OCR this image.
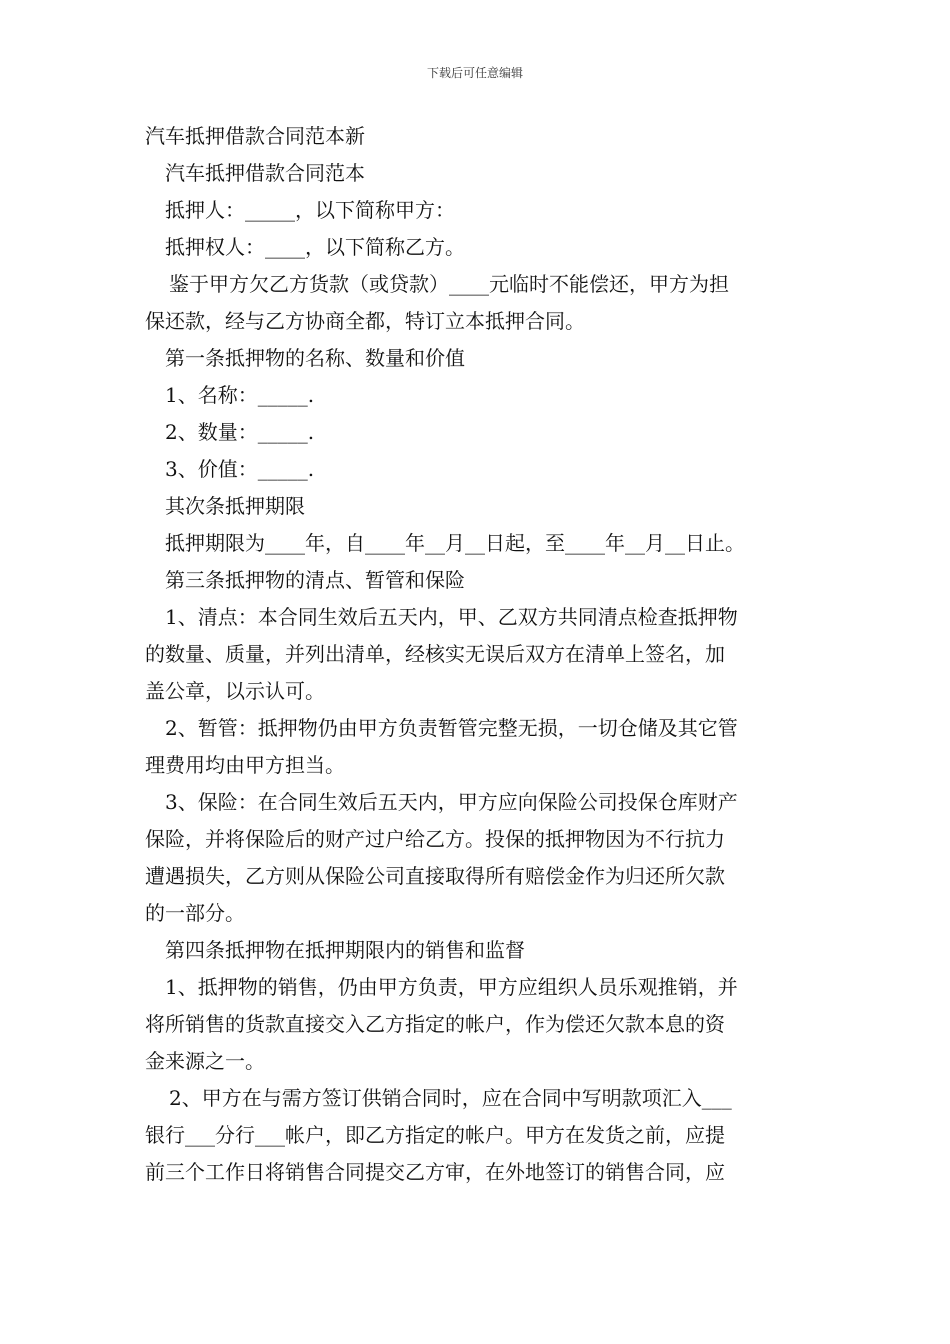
下载后可任意编辑
汽车抵押借款合同范本新
汽车抵押借款合同范本
抵押人：_____，以下简称甲方：
抵押权人：____，以下简称乙方。
鉴于甲方欠乙方货款（或贷款）____元临时不能偿还，甲方为担
保还款，经与乙方协商全都，特订立本抵押合同。
第一条抵押物的名称、数量和价值
1、名称：_____.
2、数量：_____.
3、价值：_____.
其次条抵押期限
抵押期限为____年，自____年__月__日起，至____年__月__日止。
第三条抵押物的清点、暂管和保险
1、清点：本合同生效后五天内，甲、乙双方共同清点检查抵押物
的数量、质量，并列出清单，经核实无误后双方在清单上签名，加
盖公章，以示认可。
2、暂管：抵押物仍由甲方负责暂管完整无损，一切仓储及其它管
理费用均由甲方担当。
3、保险：在合同生效后五天内，甲方应向保险公司投保仓库财产
保险，并将保险后的财产过户给乙方。投保的抵押物因为不行抗力
遭遇损失，乙方则从保险公司直接取得所有赔偿金作为归还所欠款
的一部分。
第四条抵押物在抵押期限内的销售和监督
1、抵押物的销售，仍由甲方负责，甲方应组织人员乐观推销，并
将所销售的货款直接交入乙方指定的帐户，作为偿还欠款本息的资
金来源之一。
2、甲方在与需方签订供销合同时，应在合同中写明款项汇入___
银行___分行___帐户，即乙方指定的帐户。甲方在发货之前，应提
前三个工作日将销售合同提交乙方审，在外地签订的销售合同，应
